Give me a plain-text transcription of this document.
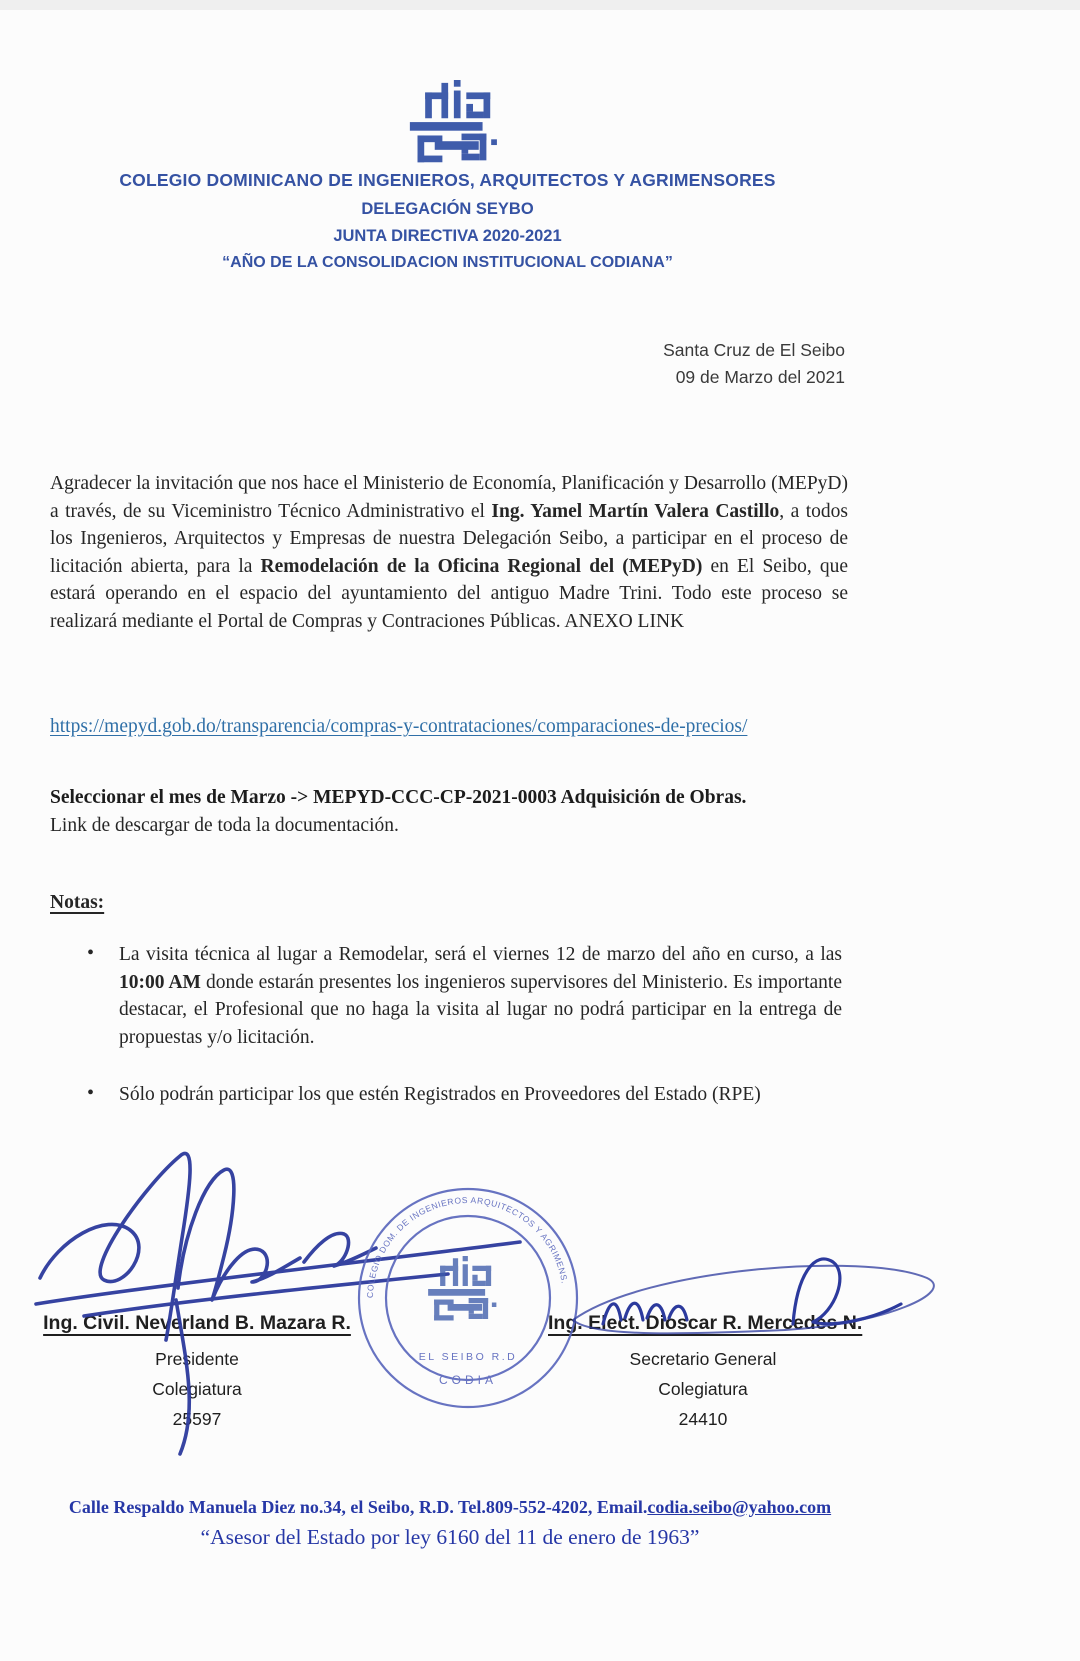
COLEGIO DOMINICANO DE INGENIEROS, ARQUITECTOS Y AGRIMENSORES
DELEGACIÓN SEYBO
JUNTA DIRECTIVA 2020-2021
“AÑO DE LA CONSOLIDACION INSTITUCIONAL CODIANA”
Santa Cruz de El Seibo
09 de Marzo del 2021

Agradecer la invitación que nos hace el Ministerio de Economía, Planificación y Desarrollo (MEPyD) a través, de su Viceministro Técnico Administrativo el Ing. Yamel Martín Valera Castillo, a todos los Ingenieros, Arquitectos y Empresas de nuestra Delegación Seibo, a participar en el proceso de licitación abierta, para la Remodelación de la Oficina Regional del (MEPyD) en El Seibo, que estará operando en el espacio del ayuntamiento del antiguo Madre Trini. Todo este proceso se realizará mediante el Portal de Compras y Contraciones Públicas. ANEXO LINK

https://mepyd.gob.do/transparencia/compras-y-contrataciones/comparaciones-de-precios/
Seleccionar el mes de Marzo -> MEPYD-CCC-CP-2021-0003 Adquisición de Obras.
Link de descargar de toda la documentación.
Notas:
• La visita técnica al lugar a Remodelar, será el viernes 12 de marzo del año en curso, a las 10:00 AM donde estarán presentes los ingenieros supervisores del Ministerio. Es importante destacar, el Profesional que no haga la visita al lugar no podrá participar en la entrega de propuestas y/o licitación.
• Sólo podrán participar los que estén Registrados en Proveedores del Estado (RPE)
Ing. Civil. Neverland B. Mazara R.
Presidente
Colegiatura
25597
Ing. Elect. Dioscar R. Mercedes N.
Secretario General
Colegiatura
24410
COLEGIO DOM. DE INGENIEROS ARQUITECTOS Y AGRIMENS.
EL SEIBO R.D
CODIA
Calle Respaldo Manuela Diez no.34, el Seibo, R.D. Tel.809-552-4202, Email.codia.seibo@yahoo.com
“Asesor del Estado por ley 6160 del 11 de enero de 1963”
